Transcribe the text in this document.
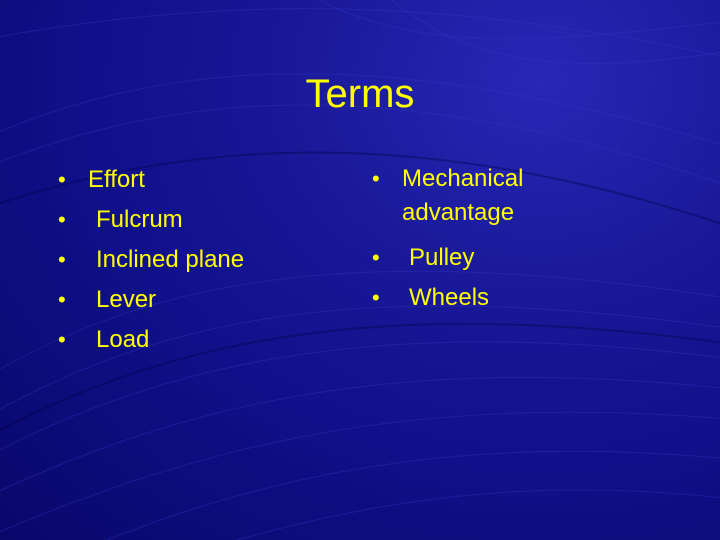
Terms
• Effort
• Fulcrum
• Inclined plane
• Lever
• Load
• Mechanical advantage
• Pulley
• Wheels
